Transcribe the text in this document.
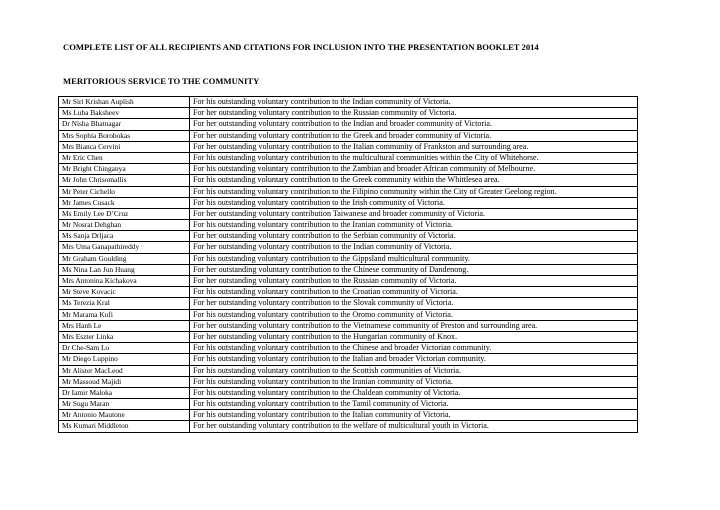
COMPLETE LIST OF ALL RECIPIENTS AND CITATIONS FOR INCLUSION INTO THE PRESENTATION BOOKLET 2014
MERITORIOUS SERVICE TO THE COMMUNITY
Mr Siri Krishan Auplish	For his outstanding voluntary contribution to the Indian community of Victoria.
Ms Luba Baksheev	For her outstanding voluntary contribution to the Russian community of Victoria.
Dr Nisha Bhatnagar	For her outstanding voluntary contribution to the Indian and broader community of Victoria.
Mrs Sophia Borobokas	For her outstanding voluntary contribution to the Greek and broader community of Victoria.
Mrs Bianca Cervini	For her outstanding voluntary contribution to the Italian community of Frankston and surrounding area.
Mr Eric Chen	For his outstanding voluntary contribution to the multicultural communities within the City of Whitehorse.
Mr Bright Chinganya	For his outstanding voluntary contribution to the Zambian and broader African community of Melbourne.
Mr John Chrisomallis	For his outstanding voluntary contribution to the Greek community within the Whittlesea area.
Mr Peter Cichello	For his outstanding voluntary contribution to the Filipino community within the City of Greater Geelong region.
Mr James Cusack	For his outstanding voluntary contribution to the Irish community of Victoria.
Ms Emily Lee D’Cruz	For her outstanding voluntary contribution Taiwanese and broader community of Victoria.
Mr Nosrat Dehghan	For his outstanding voluntary contribution to the Iranian community of Victoria.
Ms Sanja Drljaca	For her outstanding voluntary contribution to the Serbian community of Victoria.
Mrs Uma Ganapathireddy	For her outstanding voluntary contribution to the Indian community of Victoria.
Mr Graham Goulding	For his outstanding voluntary contribution to the Gippsland multicultural community.
Ms Nina Lan Jun Huang	For her outstanding voluntary contribution to the Chinese community of Dandenong.
Mrs Antonina Kichakova	For her outstanding voluntary contribution to the Russian community of Victoria.
Mr Steve Kovacic	For his outstanding voluntary contribution to the Croatian community of Victoria.
Ms Terezia Kral	For her outstanding voluntary contribution to the Slovak community of Victoria.
Mr Marama Kufi	For his outstanding voluntary contribution to the Oromo community of Victoria.
Mrs Hanh Le	For her outstanding voluntary contribution to the Vietnamese community of Preston and surrounding area.
Mrs Eszter Linka	For her outstanding voluntary contribution to the Hungarian community of Knox.
Dr Che-Sam Lo	For his outstanding voluntary contribution to the Chinese and broader Victorian community.
Mr Diego Luppino	For his outstanding voluntary contribution to the Italian and broader Victorian community.
Mr Alister MacLeod	For his outstanding voluntary contribution to the Scottish communities of Victoria.
Mr Massoud Majidi	For his outstanding voluntary contribution to the Iranian community of Victoria.
Dr Iamir Maloka	For his outstanding voluntary contribution to the Chaldean community of Victoria.
Mr Sugu Maran	For his outstanding voluntary contribution to the Tamil community of Victoria.
Mr Antonio Mautone	For his outstanding voluntary contribution to the Italian community of Victoria.
Ms Kumari Middleton	For her outstanding voluntary contribution to the welfare of multicultural youth in Victoria.
